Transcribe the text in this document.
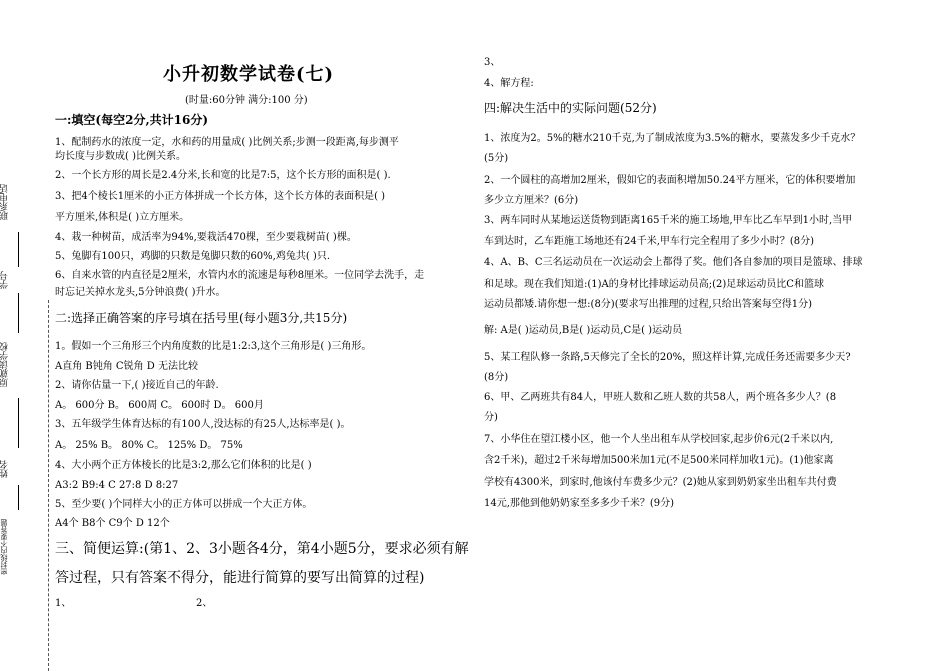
联系电话
学号
原就读学校
姓名
密封线内不要答题
小升初数学试卷(七)
(时量:60分钟 满分:100 分)
一:填空(每空2分,共计16分)
1、配制药水的浓度一定，水和药的用量成( )比例关系;步测一段距离,每步测平
均长度与步数成( )比例关系。
2、一个长方形的周长是2.4分米,长和宽的比是7:5，这个长方形的面积是( ).
3、把4个棱长1厘米的小正方体拼成一个长方体，这个长方体的表面积是( )
平方厘米,体积是( )立方厘米。
4、栽一种树苗，成活率为94%,要栽活470棵，至少要栽树苗( )棵。
5、兔脚有100只，鸡脚的只数是兔脚只数的60%,鸡兔共( )只.
6、自来水管的内直径是2厘米，水管内水的流速是每秒8厘米。一位同学去洗手，走
时忘记关掉水龙头,5分钟浪费( )升水。
二:选择正确答案的序号填在括号里(每小题3分,共15分)
1。假如一个三角形三个内角度数的比是1:2:3,这个三角形是( )三角形。
A直角 B钝角 C锐角 D 无法比较
2、请你估量一下,( )接近自己的年龄.
A。 600分 B。 600周 C。 600时 D。 600月
3、五年级学生体育达标的有100人,没达标的有25人,达标率是( )。
A。 25% B。 80% C。 125% D。 75%
4、大小两个正方体棱长的比是3:2,那么它们体积的比是( )
A3:2 B9:4 C 27:8 D 8:27
5、至少要( )个同样大小的正方体可以拼成一个大正方体。
A4个 B8个 C9个 D 12个
三、简便运算:(第1、2、3小题各4分，第4小题5分，要求必须有解
答过程，只有答案不得分，能进行简算的要写出简算的过程)
1、	2、
3、
4、解方程:
四:解决生活中的实际问题(52分)
1、浓度为2。5%的糖水210千克,为了制成浓度为3.5%的糖水，要蒸发多少千克水？
(5分)
2、一个圆柱的高增加2厘米，假如它的表面积增加50.24平方厘米，它的体积要增加
多少立方厘米？(6分)
3、两车同时从某地运送货物到距离165千米的施工场地,甲车比乙车早到1小时,当甲
车到达时，乙车距施工场地还有24千米,甲车行完全程用了多少小时？(8分)
4、A、B、C三名运动员在一次运动会上都得了奖。他们各自参加的项目是篮球、排球
和足球。现在我们知道:(1)A的身材比排球运动员高;(2)足球运动员比C和篮球
运动员都矮.请你想一想:(8分)(要求写出推理的过程,只给出答案每空得1分)
解: A是( )运动员,B是( )运动员,C是( )运动员
5、某工程队修一条路,5天修完了全长的20%，照这样计算,完成任务还需要多少天?
(8分)
6、甲、乙两班共有84人，甲班人数和乙班人数的共58人，两个班各多少人？(8
分)
7、小华住在望江楼小区，他一个人坐出租车从学校回家,起步价6元(2千米以内,
含2千米)，超过2千米每增加500米加1元(不足500米同样加收1元)。(1)他家离
学校有4300米，到家时,他该付车费多少元？(2)她从家到奶奶家坐出租车共付费
14元,那他到他奶奶家至多多少千米？(9分)
